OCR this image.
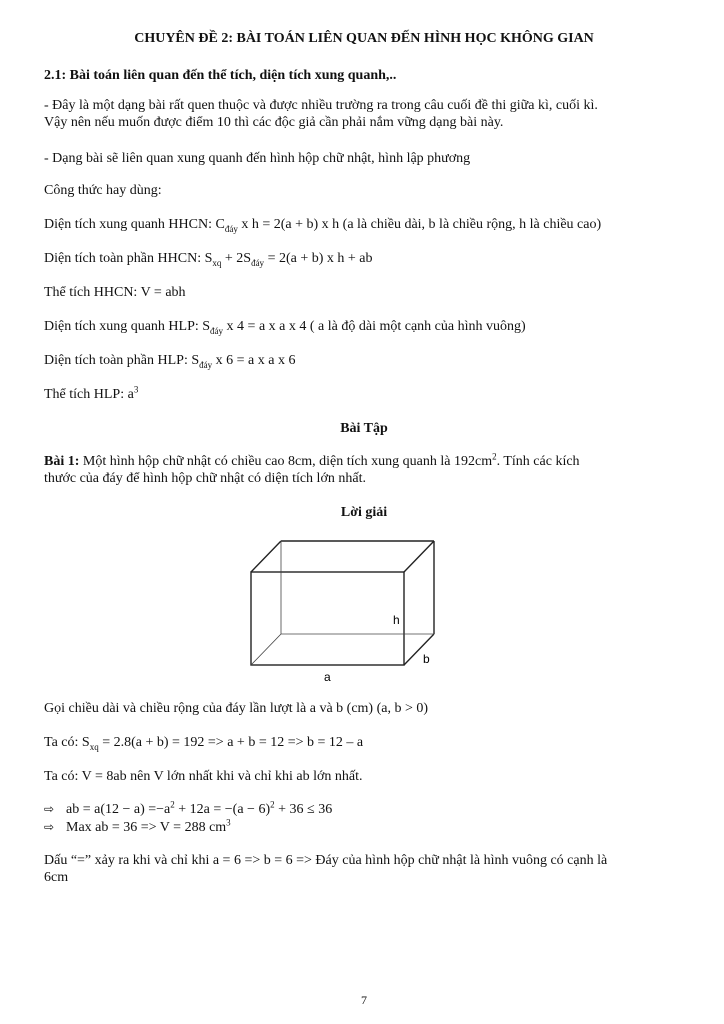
CHUYÊN ĐỀ 2: BÀI TOÁN LIÊN QUAN ĐẾN HÌNH HỌC KHÔNG GIAN
2.1: Bài toán liên quan đến thể tích, diện tích xung quanh,..
- Đây là một dạng bài rất quen thuộc và được nhiều trường ra trong câu cuối đề thi giữa kì, cuối kì.
Vậy nên nếu muốn được điểm 10 thì các độc giả cần phải nắm vững dạng bài này.
- Dạng bài sẽ liên quan xung quanh đến hình hộp chữ nhật, hình lập phương
Công thức hay dùng:
Diện tích xung quanh HHCN: $C_{đáy}$ x h = 2(a + b) x h (a là chiều dài, b là chiều rộng, h là chiều cao)
Diện tích toàn phần HHCN: $S_{xq} + 2S_{đáy} = 2(a + b)$ x h + ab
Thể tích HHCN: V = abh
Diện tích xung quanh HLP: $S_{đáy}$ x 4 = a x a x 4 ( a là độ dài một cạnh của hình vuông)
Diện tích toàn phần HLP: $S_{đáy}$ x 6 = a x a x 6
Thể tích HLP: $a^3$
Bài Tập
Bài 1: Một hình hộp chữ nhật có chiều cao 8cm, diện tích xung quanh là $192cm^2$. Tính các kích
thước của đáy để hình hộp chữ nhật có diện tích lớn nhất.
Lời giải
h
a
b
Gọi chiều dài và chiều rộng của đáy lần lượt là a và b (cm) (a, b > 0)
Ta có: $S_{xq} = 2.8(a + b) = 192 => a + b = 12 => b = 12 - a$
Ta có: V = 8ab nên V lớn nhất khi và chỉ khi ab lớn nhất.
⇨ ab = $a(12 - a) =-a^2 + 12a = -(a - 6)^2 + 36 \le 36$
⇨ Max ab = 36 => V = 288 $cm^3$
Dấu “=” xảy ra khi và chỉ khi a = 6 => b = 6 => Đáy của hình hộp chữ nhật là hình vuông có cạnh là
6cm
7
